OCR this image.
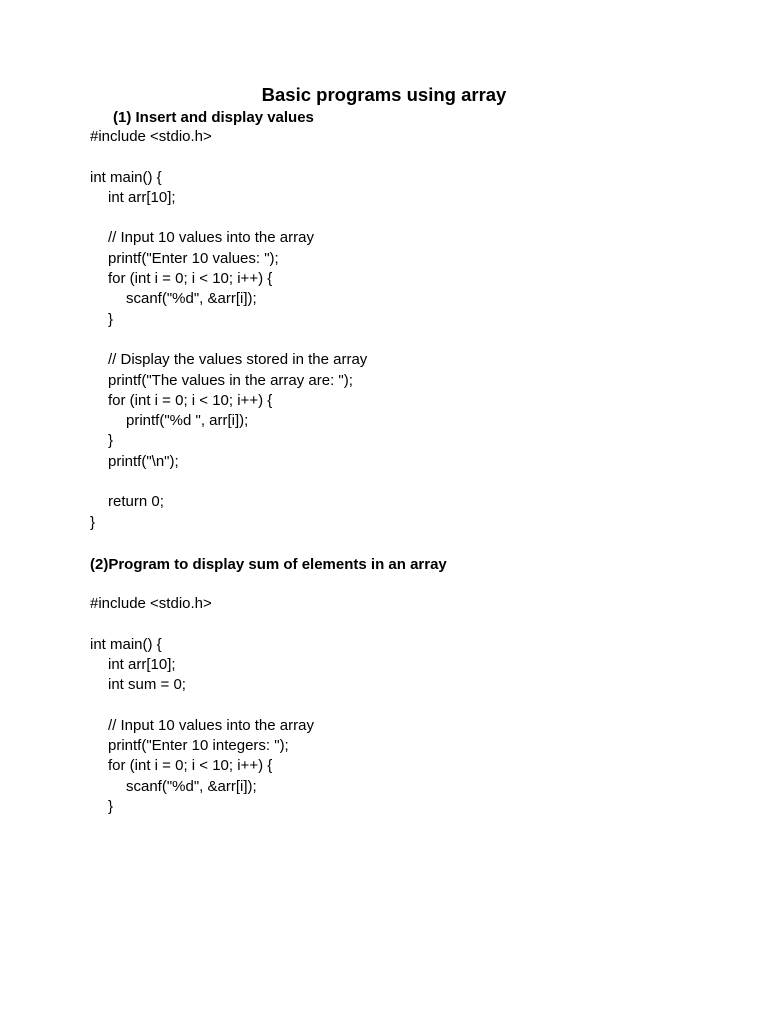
Basic programs using array
(1) Insert and display values
#include <stdio.h>
int main() {
int arr[10];
// Input 10 values into the array
printf("Enter 10 values: ");
for (int i = 0; i < 10; i++) {
scanf("%d", &arr[i]);
}
// Display the values stored in the array
printf("The values in the array are: ");
for (int i = 0; i < 10; i++) {
printf("%d ", arr[i]);
}
printf("\n");
return 0;
}
(2)Program to display sum of elements in an array
#include <stdio.h>
int main() {
int arr[10];
int sum = 0;
// Input 10 values into the array
printf("Enter 10 integers: ");
for (int i = 0; i < 10; i++) {
scanf("%d", &arr[i]);
}
